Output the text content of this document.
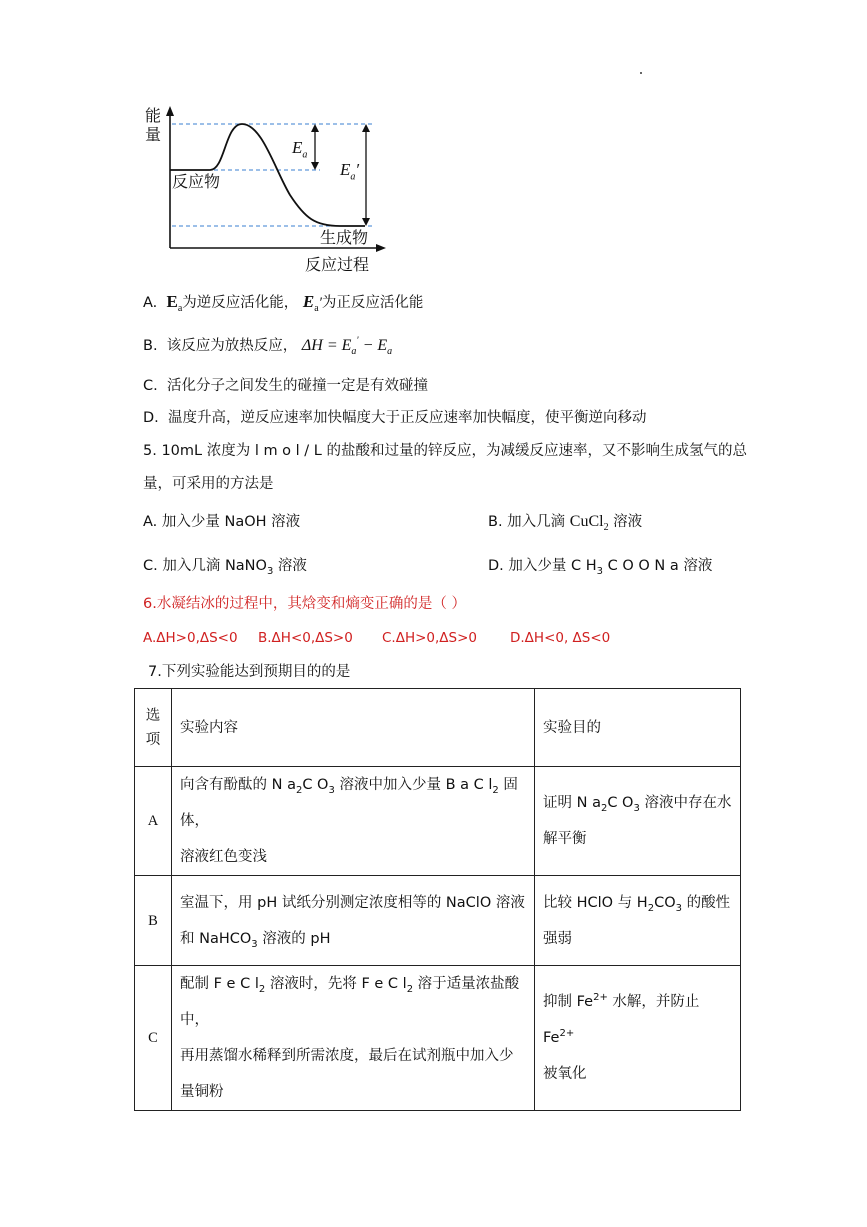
能
量
反应物
生成物
反应过程
$E_a$
$E_a'$
A. $E_a$为逆反应活化能， $E_a'$为正反应活化能
B. 该反应为放热反应， $\Delta H = E_a' - E_a$
C. 活化分子之间发生的碰撞一定是有效碰撞
D. 温度升高，逆反应速率加快幅度大于正反应速率加快幅度，使平衡逆向移动
5. 10mL 浓度为 l m o l / L 的盐酸和过量的锌反应，为减缓反应速率，又不影响生成氢气的总
量，可采用的方法是
A. 加入少量 NaOH 溶液	B. 加入几滴 CuCl$_2$ 溶液
C. 加入几滴 NaNO$_3$ 溶液	D. 加入少量 C $H_3$ C O O N a 溶液
6.水凝结冰的过程中，其焓变和熵变正确的是（ ）
A.ΔH>0,ΔS<0 B.ΔH<0,ΔS>0 C.ΔH>0,ΔS>0 D.ΔH<0, ΔS<0
7.下列实验能达到预期目的的是
选
项	实验内容	实验目的
A	向含有酚酞的 N $a_2C$ $O_3$ 溶液中加入少量 B a C $l_2$ 固体，
溶液红色变浅	证明 N $a_2C$ $O_3$ 溶液中存在水
解平衡
B	室温下，用 pH 试纸分别测定浓度相等的 NaClO 溶液
和 NaHCO$_3$ 溶液的 pH	比较 HClO 与 $H_2CO_3$ 的酸性
强弱
C	配制 F e C $l_2$ 溶液时，先将 F e C $l_2$ 溶于适量浓盐酸中，
再用蒸馏水稀释到所需浓度，最后在试剂瓶中加入少
量铜粉	抑制 $Fe^{2+}$ 水解，并防止 $Fe^{2+}$
被氧化
